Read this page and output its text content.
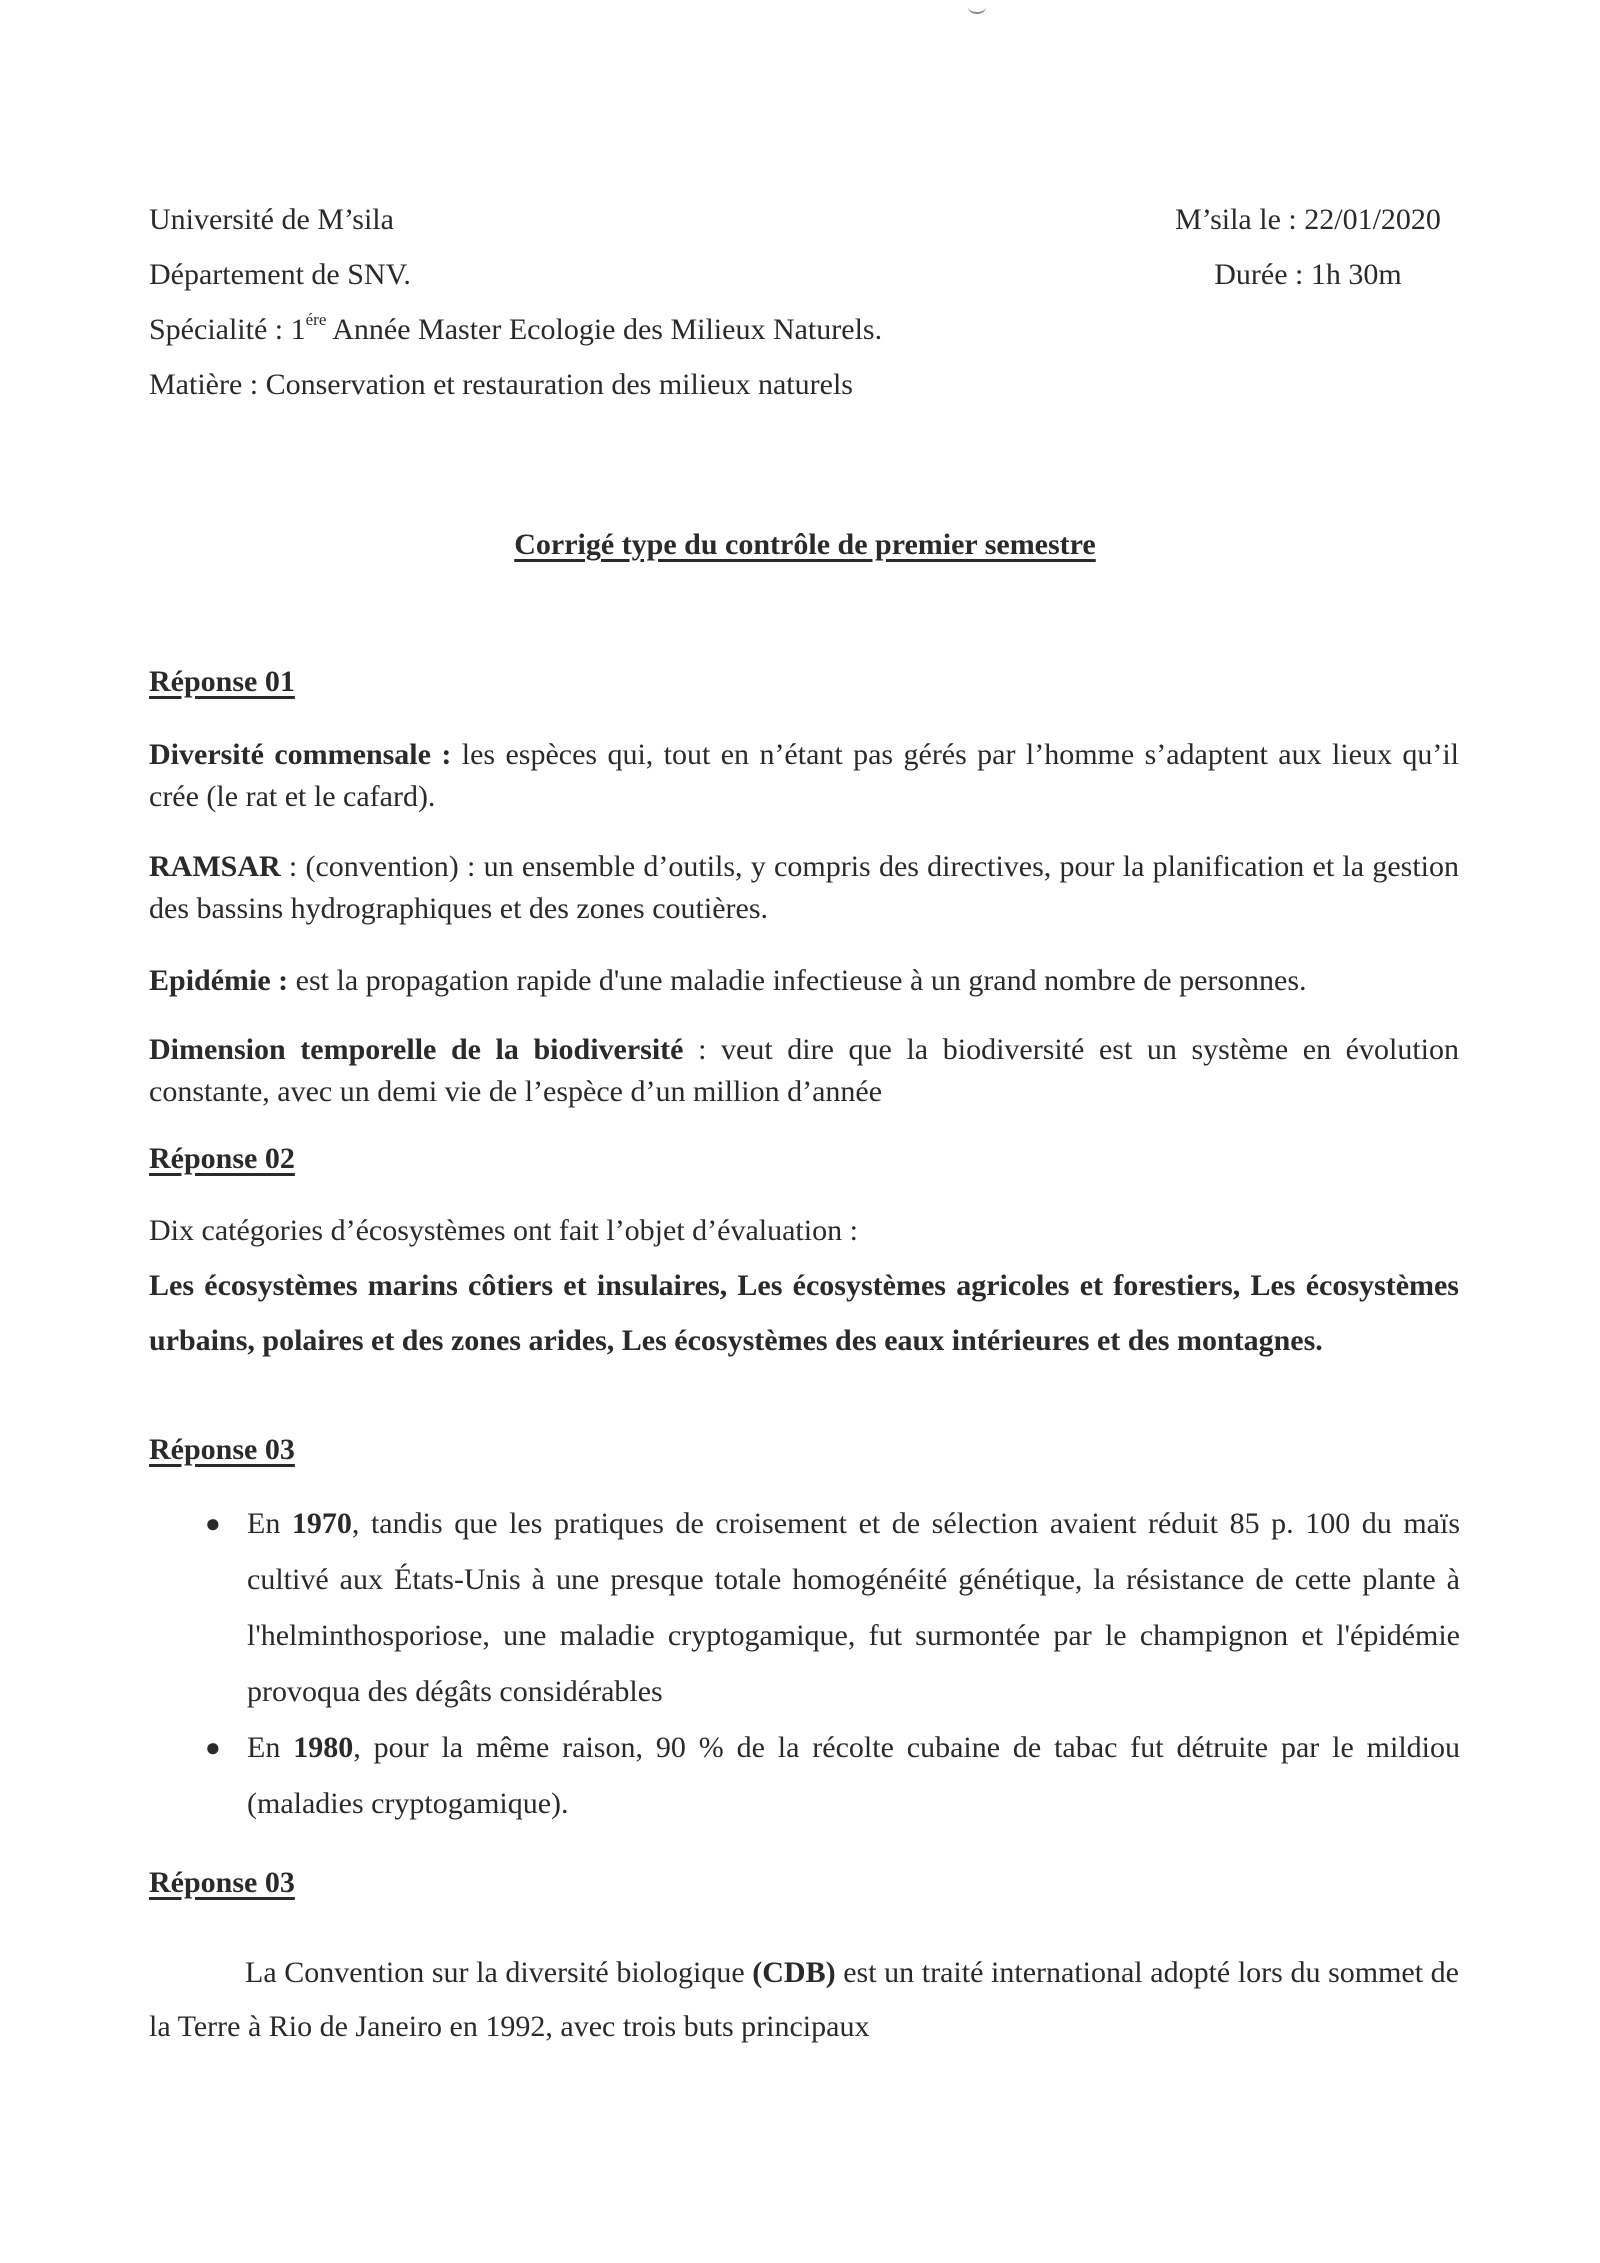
Université de M’sila
Département de SNV.
Spécialité : $1^{ére}$ Année Master Ecologie des Milieux Naturels.
Matière : Conservation et restauration des milieux naturels
M’sila le : 22/01/2020
Durée : 1h 30m
Corrigé type du contrôle de premier semestre
Réponse 01
Diversité commensale : les espèces qui, tout en n’étant pas gérés par l’homme s’adaptent aux lieux qu’il crée (le rat et le cafard).
RAMSAR : (convention) : un ensemble d’outils, y compris des directives, pour la planification et la gestion des bassins hydrographiques et des zones coutières.
Epidémie : est la propagation rapide d'une maladie infectieuse à un grand nombre de personnes.
Dimension temporelle de la biodiversité : veut dire que la biodiversité est un système en évolution constante, avec un demi vie de l’espèce d’un million d’année
Réponse 02
Dix catégories d’écosystèmes ont fait l’objet d’évaluation :
Les écosystèmes marins côtiers et insulaires, Les écosystèmes agricoles et forestiers, Les écosystèmes urbains, polaires et des zones arides, Les écosystèmes des eaux intérieures et des montagnes.
Réponse 03
● En 1970, tandis que les pratiques de croisement et de sélection avaient réduit 85 p. 100 du maïs cultivé aux États-Unis à une presque totale homogénéité génétique, la résistance de cette plante à l'helminthosporiose, une maladie cryptogamique, fut surmontée par le champignon et l'épidémie provoqua des dégâts considérables
● En 1980, pour la même raison, 90 % de la récolte cubaine de tabac fut détruite par le mildiou (maladies cryptogamique).
Réponse 03
La Convention sur la diversité biologique (CDB) est un traité international adopté lors du sommet de la Terre à Rio de Janeiro en 1992, avec trois buts principaux
